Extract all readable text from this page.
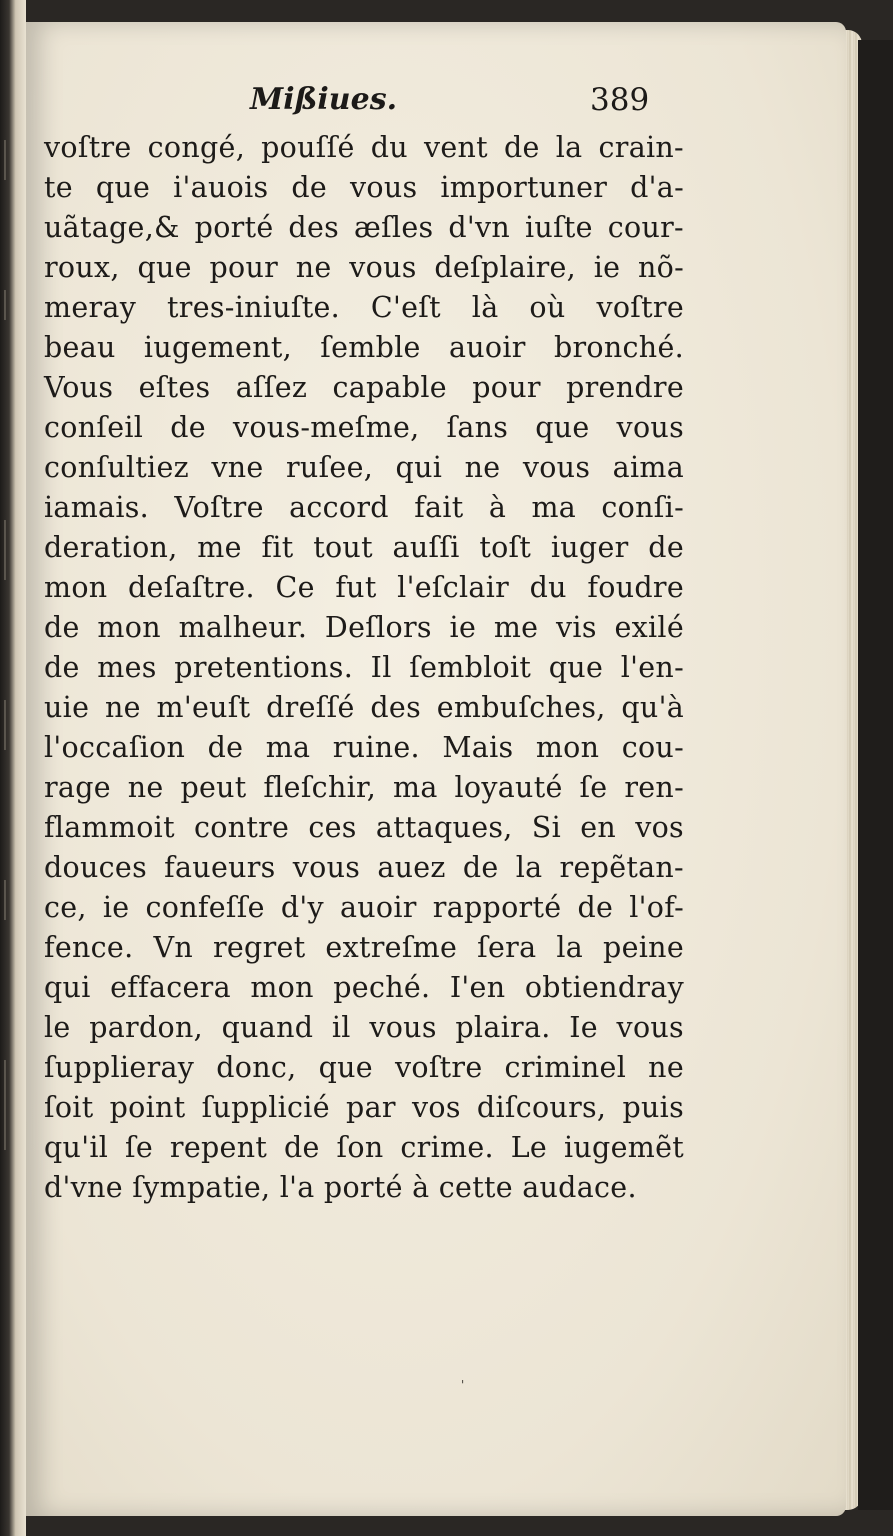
Mißiues.	389
voſtre congé, pouſſé du vent de la crain-
te que i'auois de vous importuner d'a-
uãtage,& porté des æſles d'vn iuſte cour-
roux, que pour ne vous deſplaire, ie nõ-
meray tres-iniuſte. C'eſt là où voſtre
beau iugement, ſemble auoir bronché.
Vous eſtes aſſez capable pour prendre
conſeil de vous-meſme, ſans que vous
conſultiez vne ruſee, qui ne vous aima
iamais. Voſtre accord fait à ma conſi-
deration, me fit tout auſſi toſt iuger de
mon deſaſtre. Ce fut l'eſclair du foudre
de mon malheur. Deſlors ie me vis exilé
de mes pretentions. Il ſembloit que l'en-
uie ne m'euſt dreſſé des embuſches, qu'à
l'occaſion de ma ruine. Mais mon cou-
rage ne peut fleſchir, ma loyauté ſe ren-
flammoit contre ces attaques, Si en vos
douces faueurs vous auez de la repẽtan-
ce, ie confeſſe d'y auoir rapporté de l'of-
fence. Vn regret extreſme ſera la peine
qui effacera mon peché. I'en obtiendray
le pardon, quand il vous plaira. Ie vous
ſupplieray donc, que voſtre criminel ne
ſoit point ſupplicié par vos diſcours, puis
qu'il ſe repent de ſon crime. Le iugemẽt
d'vne ſympatie, l'a porté à cette audace.
'
